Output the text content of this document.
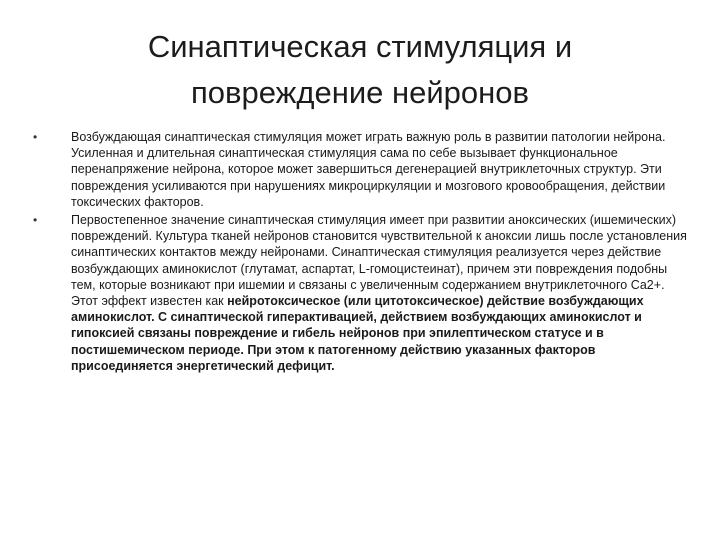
Синаптическая стимуляция и повреждение нейронов
•	Возбуждающая синаптическая стимуляция может играть важную роль в развитии патологии нейрона. Усиленная и длительная синаптическая стимуляция сама по себе вызывает функциональное перенапряжение нейрона, которое может завершиться дегенерацией внутриклеточных структур. Эти повреждения усиливаются при нарушениях микроциркуляции и мозгового кровообращения, действии токсических факторов.
•	Первостепенное значение синаптическая стимуляция имеет при развитии аноксических (ишемических) повреждений. Культура тканей нейронов становится чувствительной к аноксии лишь после установления синаптических контактов между нейронами. Синаптическая стимуляция реализуется через действие возбуждающих аминокислот (глутамат, аспартат, L-гомоцистеинат), причем эти повреждения подобны тем, которые возникают при ишемии и связаны с увеличенным содержанием внутриклеточного Са2+. Этот эффект известен как нейротоксическое (или цитотоксическое) действие возбуждающих аминокислот. С синаптической гиперактивацией, действием возбуждающих аминокислот и гипоксией связаны повреждение и гибель нейронов при эпилептическом статусе и в постишемическом периоде. При этом к патогенному действию указанных факторов присоединяется энергетический дефицит.
